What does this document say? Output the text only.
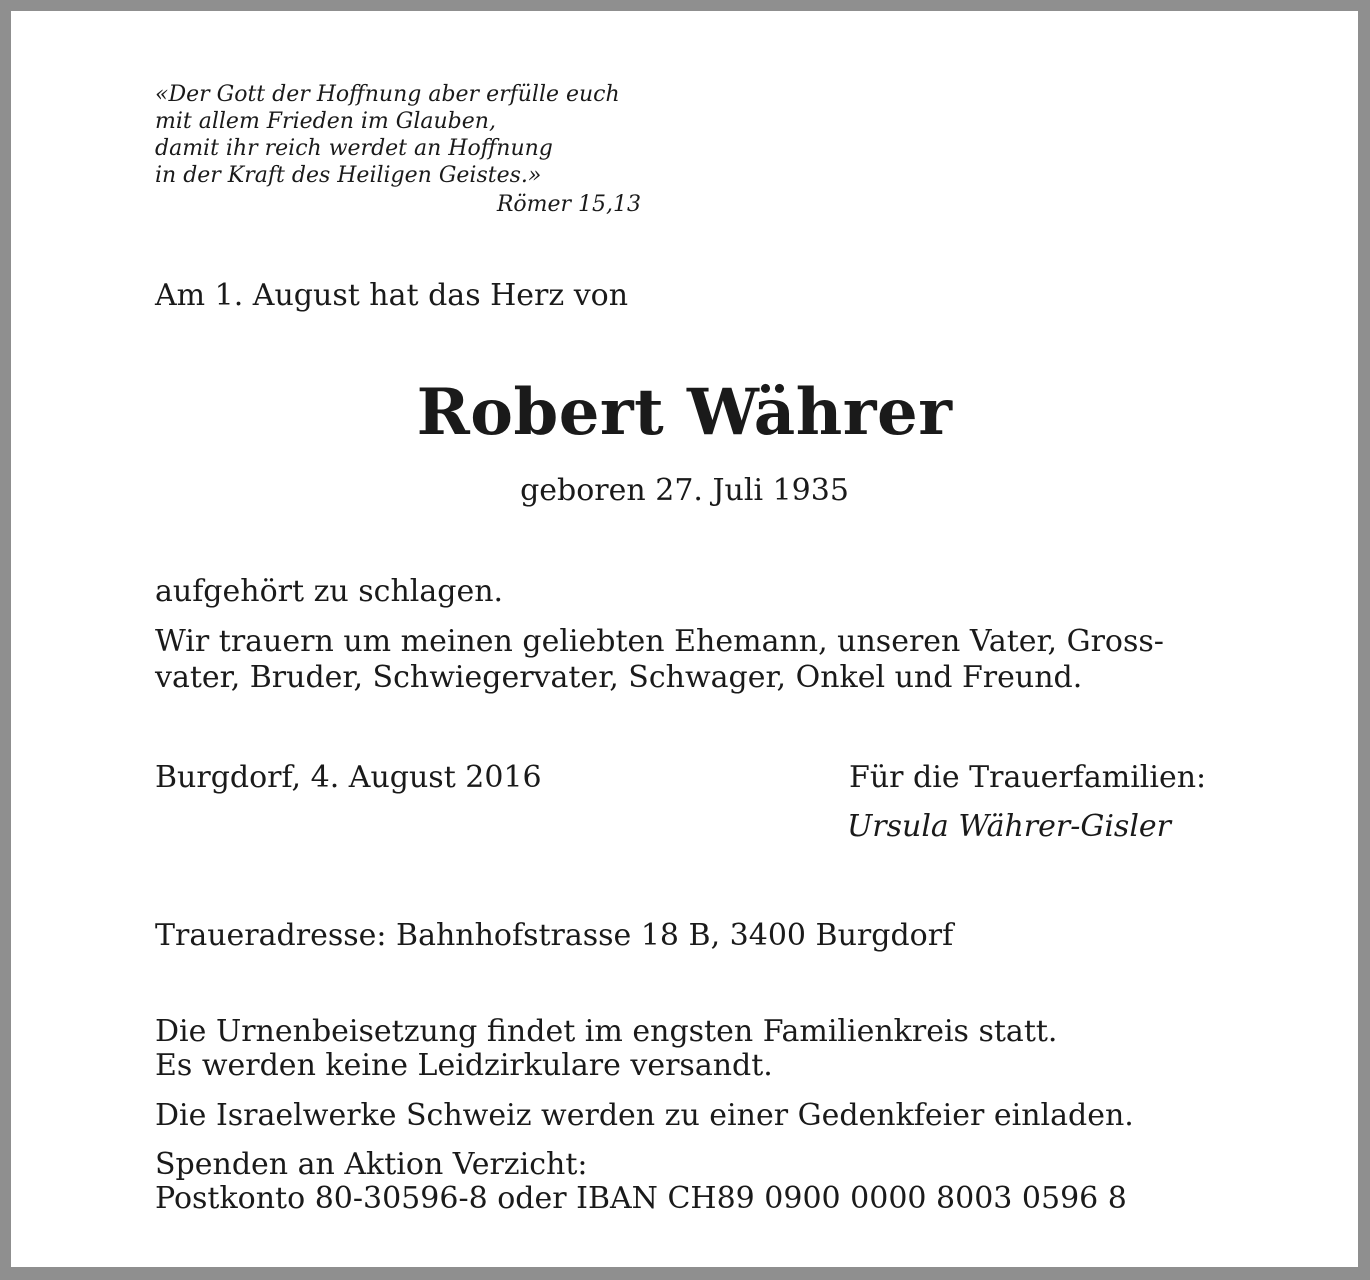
«Der Gott der Hoffnung aber erfülle euch
mit allem Frieden im Glauben,
damit ihr reich werdet an Hoffnung
in der Kraft des Heiligen Geistes.»
Römer 15,13
Am 1. August hat das Herz von
Robert Währer
geboren 27. Juli 1935
aufgehört zu schlagen.
Wir trauern um meinen geliebten Ehemann, unseren Vater, Gross-
vater, Bruder, Schwiegervater, Schwager, Onkel und Freund.
Burgdorf, 4. August 2016	Für die Trauerfamilien:
Ursula Währer-Gisler
Traueradresse: Bahnhofstrasse 18 B, 3400 Burgdorf
Die Urnenbeisetzung findet im engsten Familienkreis statt.
Es werden keine Leidzirkulare versandt.
Die Israelwerke Schweiz werden zu einer Gedenkfeier einladen.
Spenden an Aktion Verzicht:
Postkonto 80-30596-8 oder IBAN CH89 0900 0000 8003 0596 8
